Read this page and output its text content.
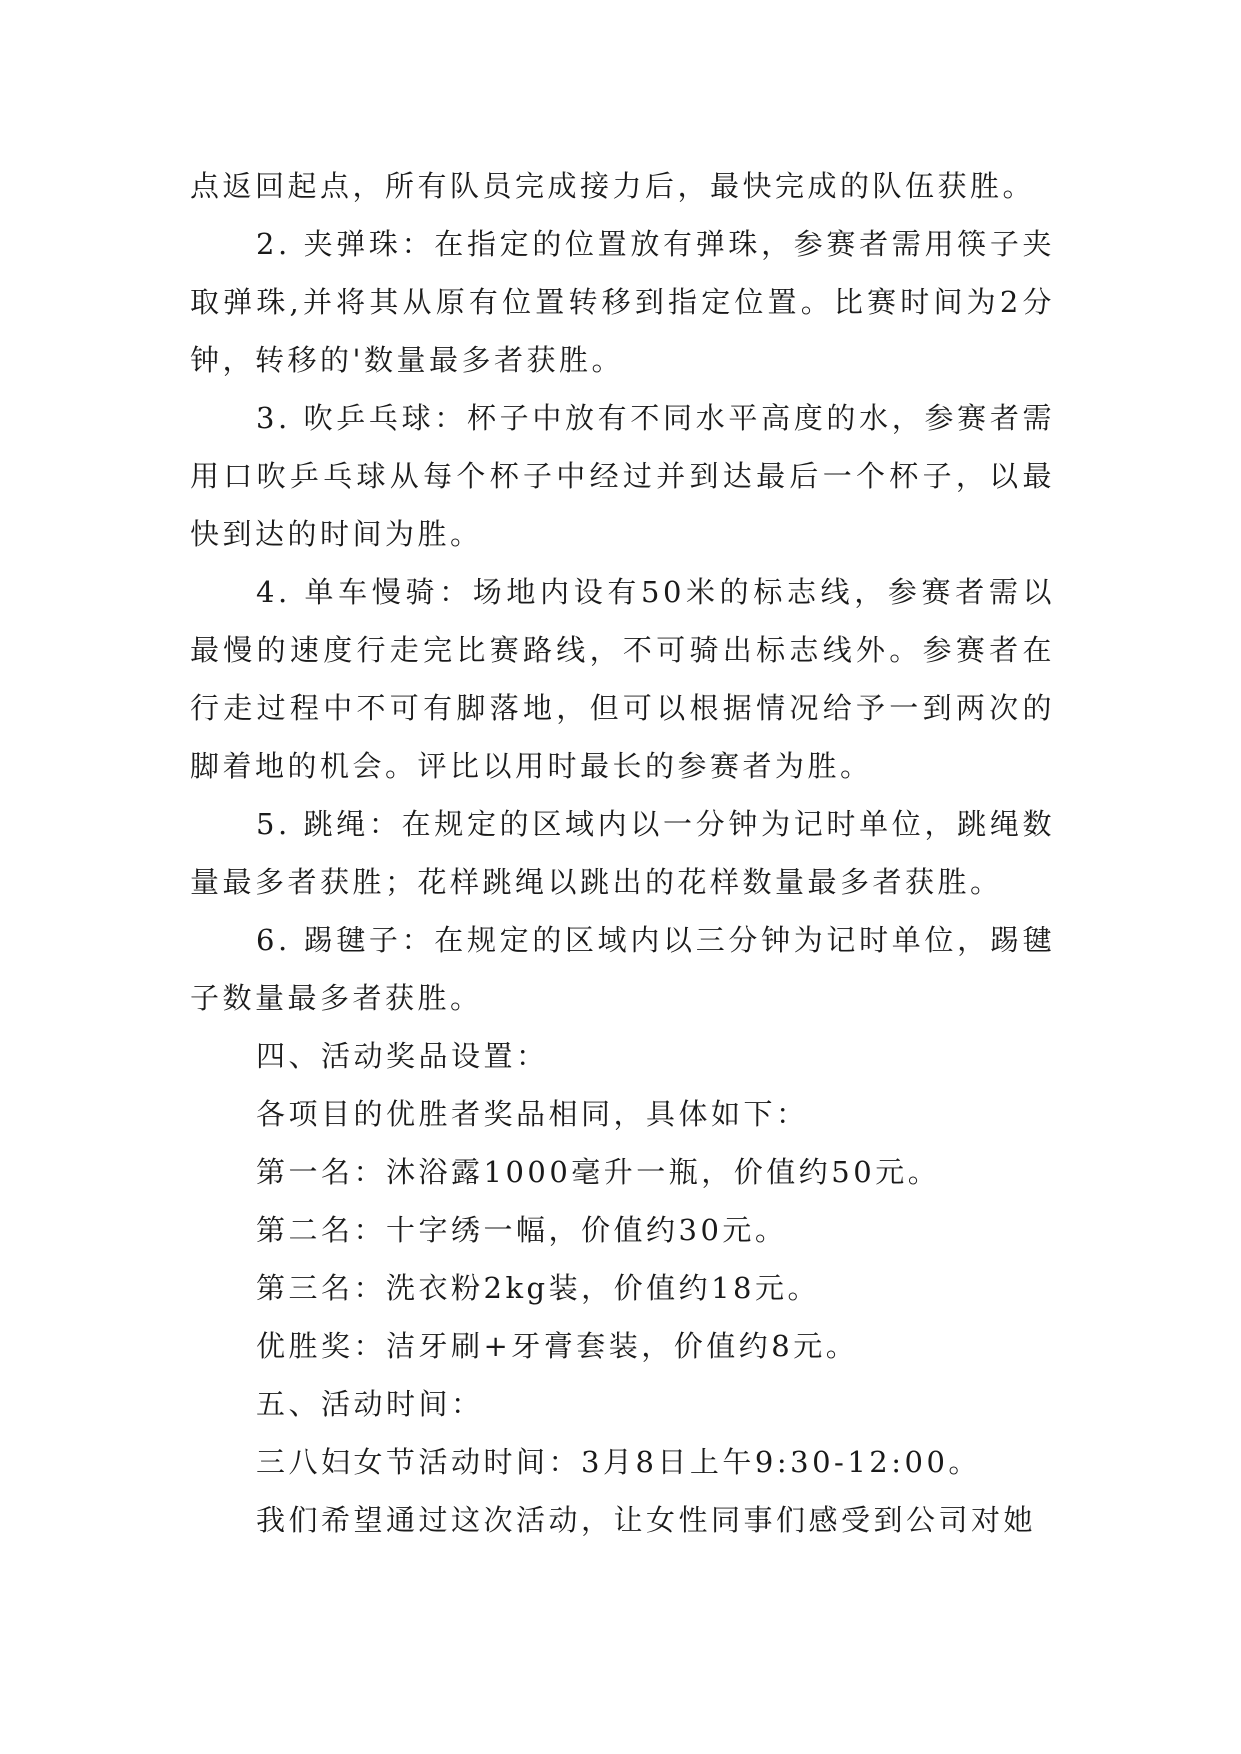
点返回起点，所有队员完成接力后，最快完成的队伍获胜。

2. 夹弹珠：在指定的位置放有弹珠，参赛者需用筷子夹取弹珠,并将其从原有位置转移到指定位置。比赛时间为2分钟，转移的'数量最多者获胜。

3. 吹乒乓球：杯子中放有不同水平高度的水，参赛者需用口吹乒乓球从每个杯子中经过并到达最后一个杯子，以最快到达的时间为胜。

4. 单车慢骑：场地内设有50米的标志线，参赛者需以最慢的速度行走完比赛路线，不可骑出标志线外。参赛者在行走过程中不可有脚落地，但可以根据情况给予一到两次的脚着地的机会。评比以用时最长的参赛者为胜。

5. 跳绳：在规定的区域内以一分钟为记时单位，跳绳数量最多者获胜；花样跳绳以跳出的花样数量最多者获胜。

6. 踢毽子：在规定的区域内以三分钟为记时单位，踢毽子数量最多者获胜。

四、活动奖品设置：

各项目的优胜者奖品相同，具体如下：

第一名：沐浴露1000毫升一瓶，价值约50元。

第二名：十字绣一幅，价值约30元。

第三名：洗衣粉2kg装，价值约18元。

优胜奖：洁牙刷+牙膏套装，价值约8元。

五、活动时间：

三八妇女节活动时间：3月8日上午9:30-12:00。

我们希望通过这次活动，让女性同事们感受到公司对她
